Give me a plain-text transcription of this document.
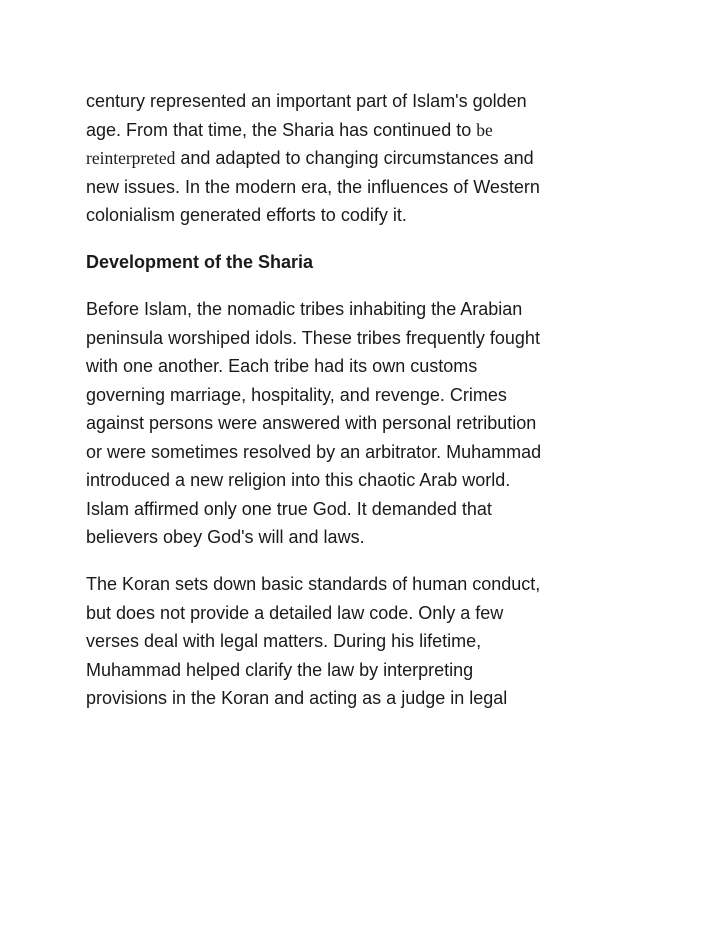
century represented an important part of Islam's golden
age. From that time, the Sharia has continued to be
reinterpreted and adapted to changing circumstances and
new issues. In the modern era, the influences of Western
colonialism generated efforts to codify it.
Development of the Sharia
Before Islam, the nomadic tribes inhabiting the Arabian
peninsula worshiped idols. These tribes frequently fought
with one another. Each tribe had its own customs
governing marriage, hospitality, and revenge. Crimes
against persons were answered with personal retribution
or were sometimes resolved by an arbitrator. Muhammad
introduced a new religion into this chaotic Arab world.
Islam affirmed only one true God. It demanded that
believers obey God's will and laws.
The Koran sets down basic standards of human conduct,
but does not provide a detailed law code. Only a few
verses deal with legal matters. During his lifetime,
Muhammad helped clarify the law by interpreting
provisions in the Koran and acting as a judge in legal
